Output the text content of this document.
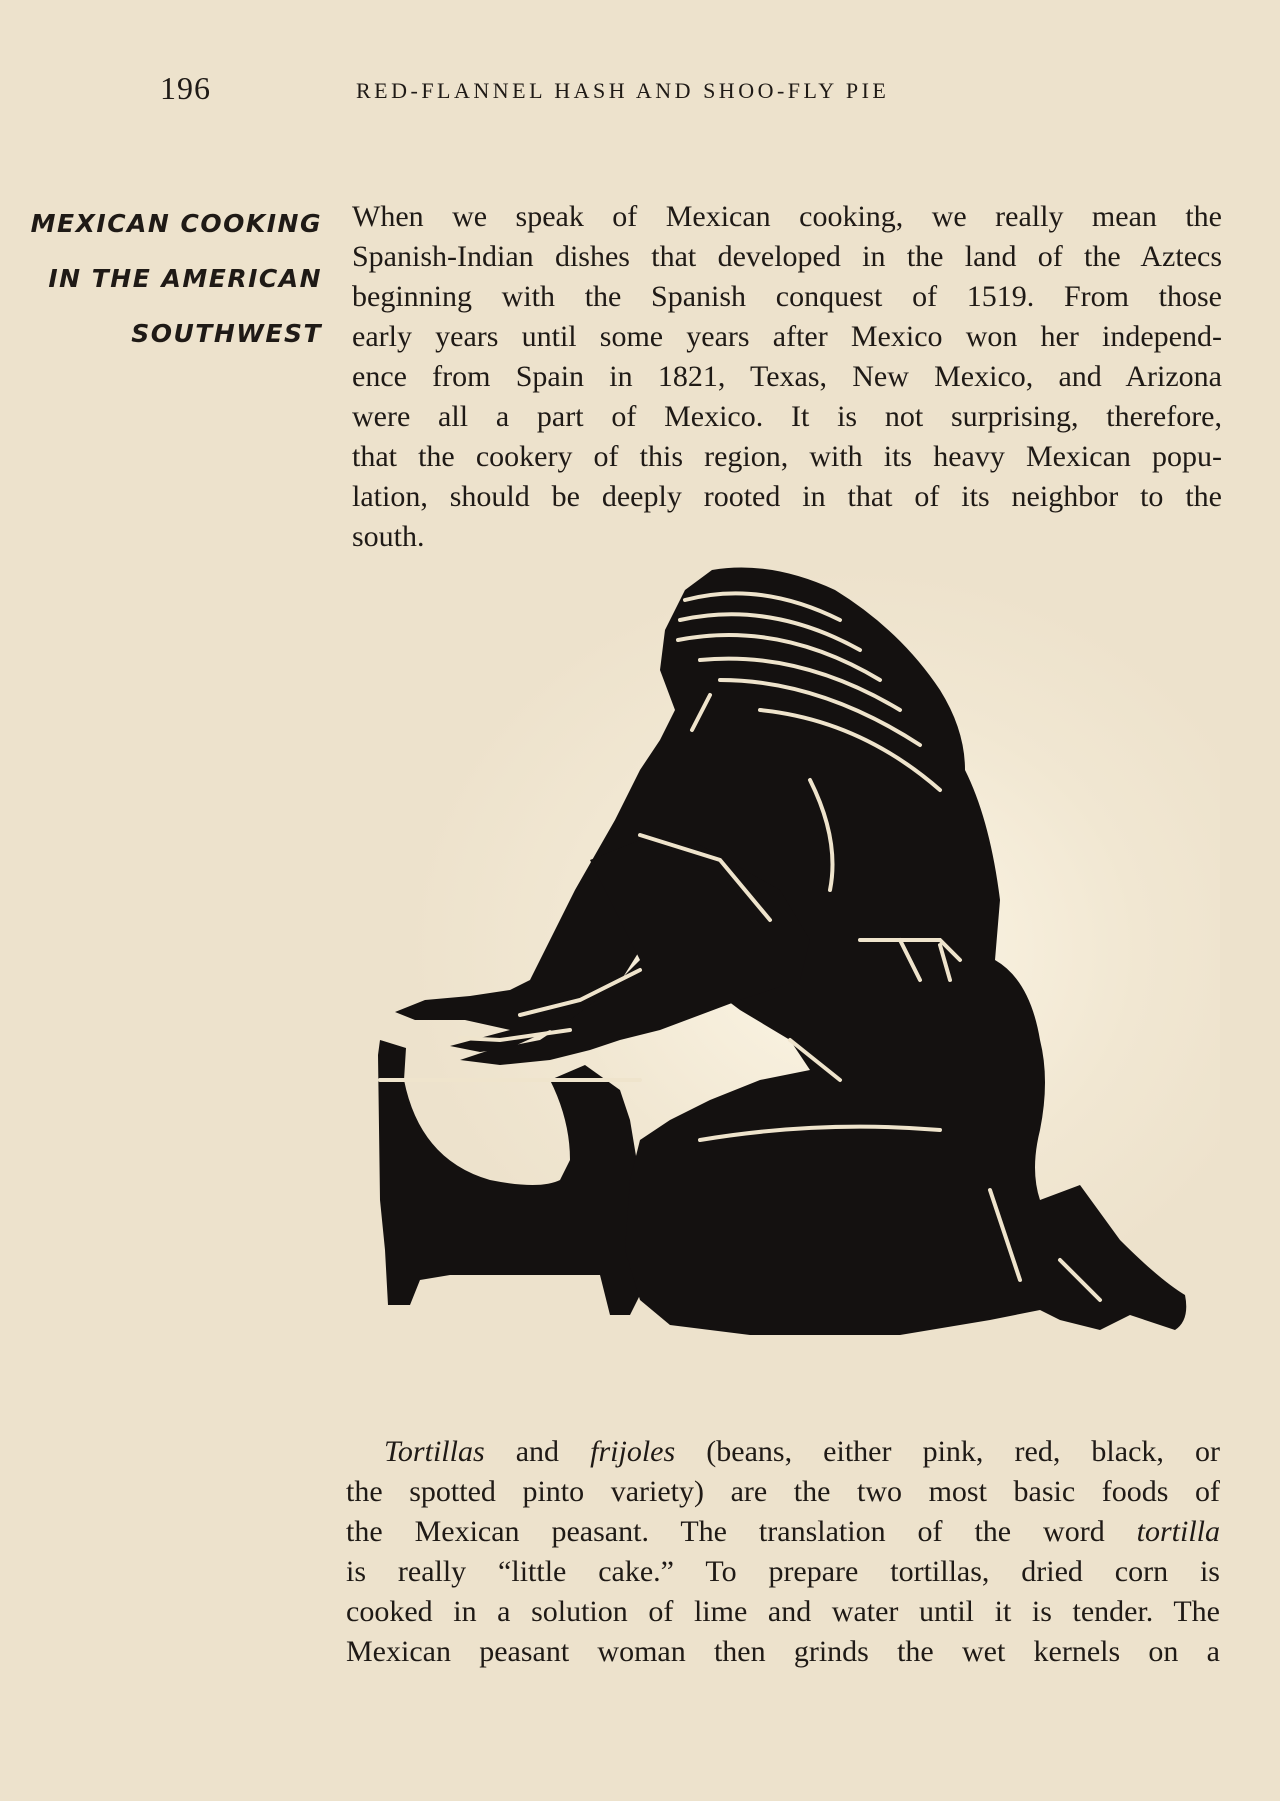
196	RED-FLANNEL HASH AND SHOO-FLY PIE
MEXICAN COOKING
IN THE AMERICAN
SOUTHWEST
When we speak of Mexican cooking, we really mean the
Spanish-Indian dishes that developed in the land of the Aztecs
beginning with the Spanish conquest of 1519. From those
early years until some years after Mexico won her independ-
ence from Spain in 1821, Texas, New Mexico, and Arizona
were all a part of Mexico. It is not surprising, therefore,
that the cookery of this region, with its heavy Mexican popu-
lation, should be deeply rooted in that of its neighbor to the
south.
Tortillas and frijoles (beans, either pink, red, black, or
the spotted pinto variety) are the two most basic foods of
the Mexican peasant. The translation of the word tortilla
is really “little cake.” To prepare tortillas, dried corn is
cooked in a solution of lime and water until it is tender. The
Mexican peasant woman then grinds the wet kernels on a
